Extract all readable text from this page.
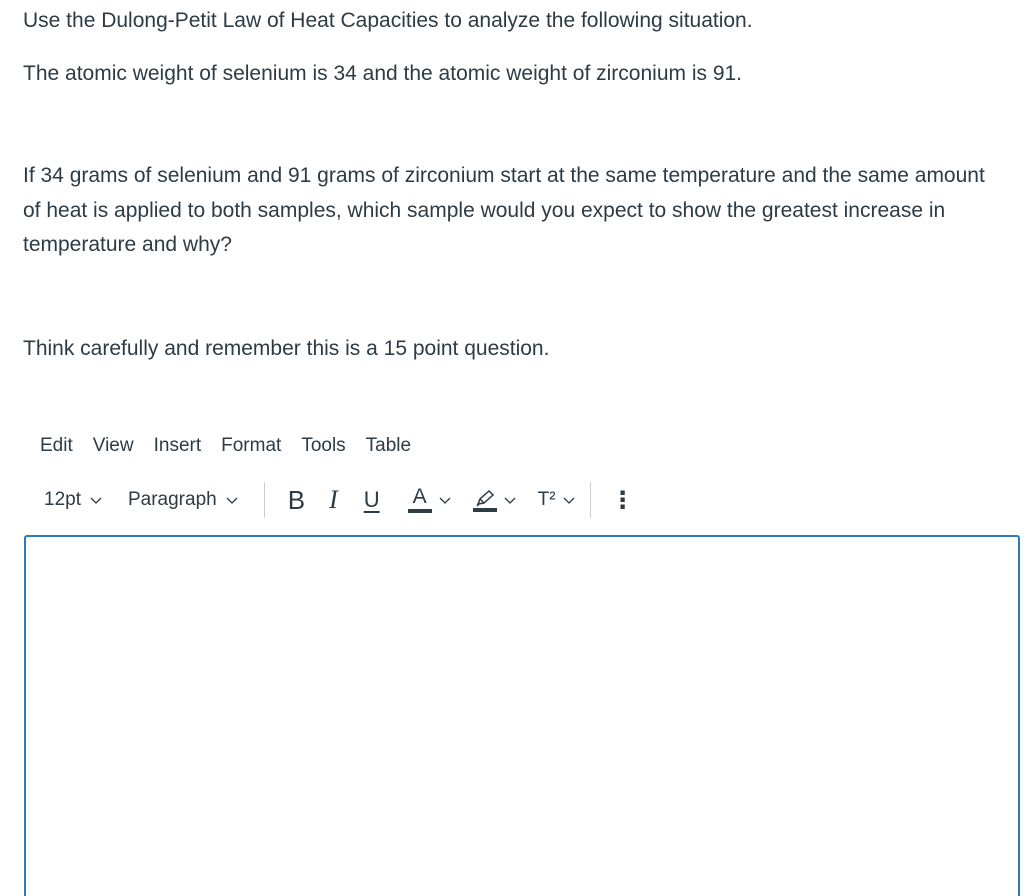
Use the Dulong-Petit Law of Heat Capacities to analyze the following situation.

The atomic weight of selenium is 34 and the atomic weight of zirconium is 91.

If 34 grams of selenium and 91 grams of zirconium start at the same temperature and the same amount of heat is applied to both samples, which sample would you expect to show the greatest increase in temperature and why?

Think carefully and remember this is a 15 point question.

Edit	View	Insert	Format	Tools	Table
12pt Paragraph	B I	U	A	T² ⋮
